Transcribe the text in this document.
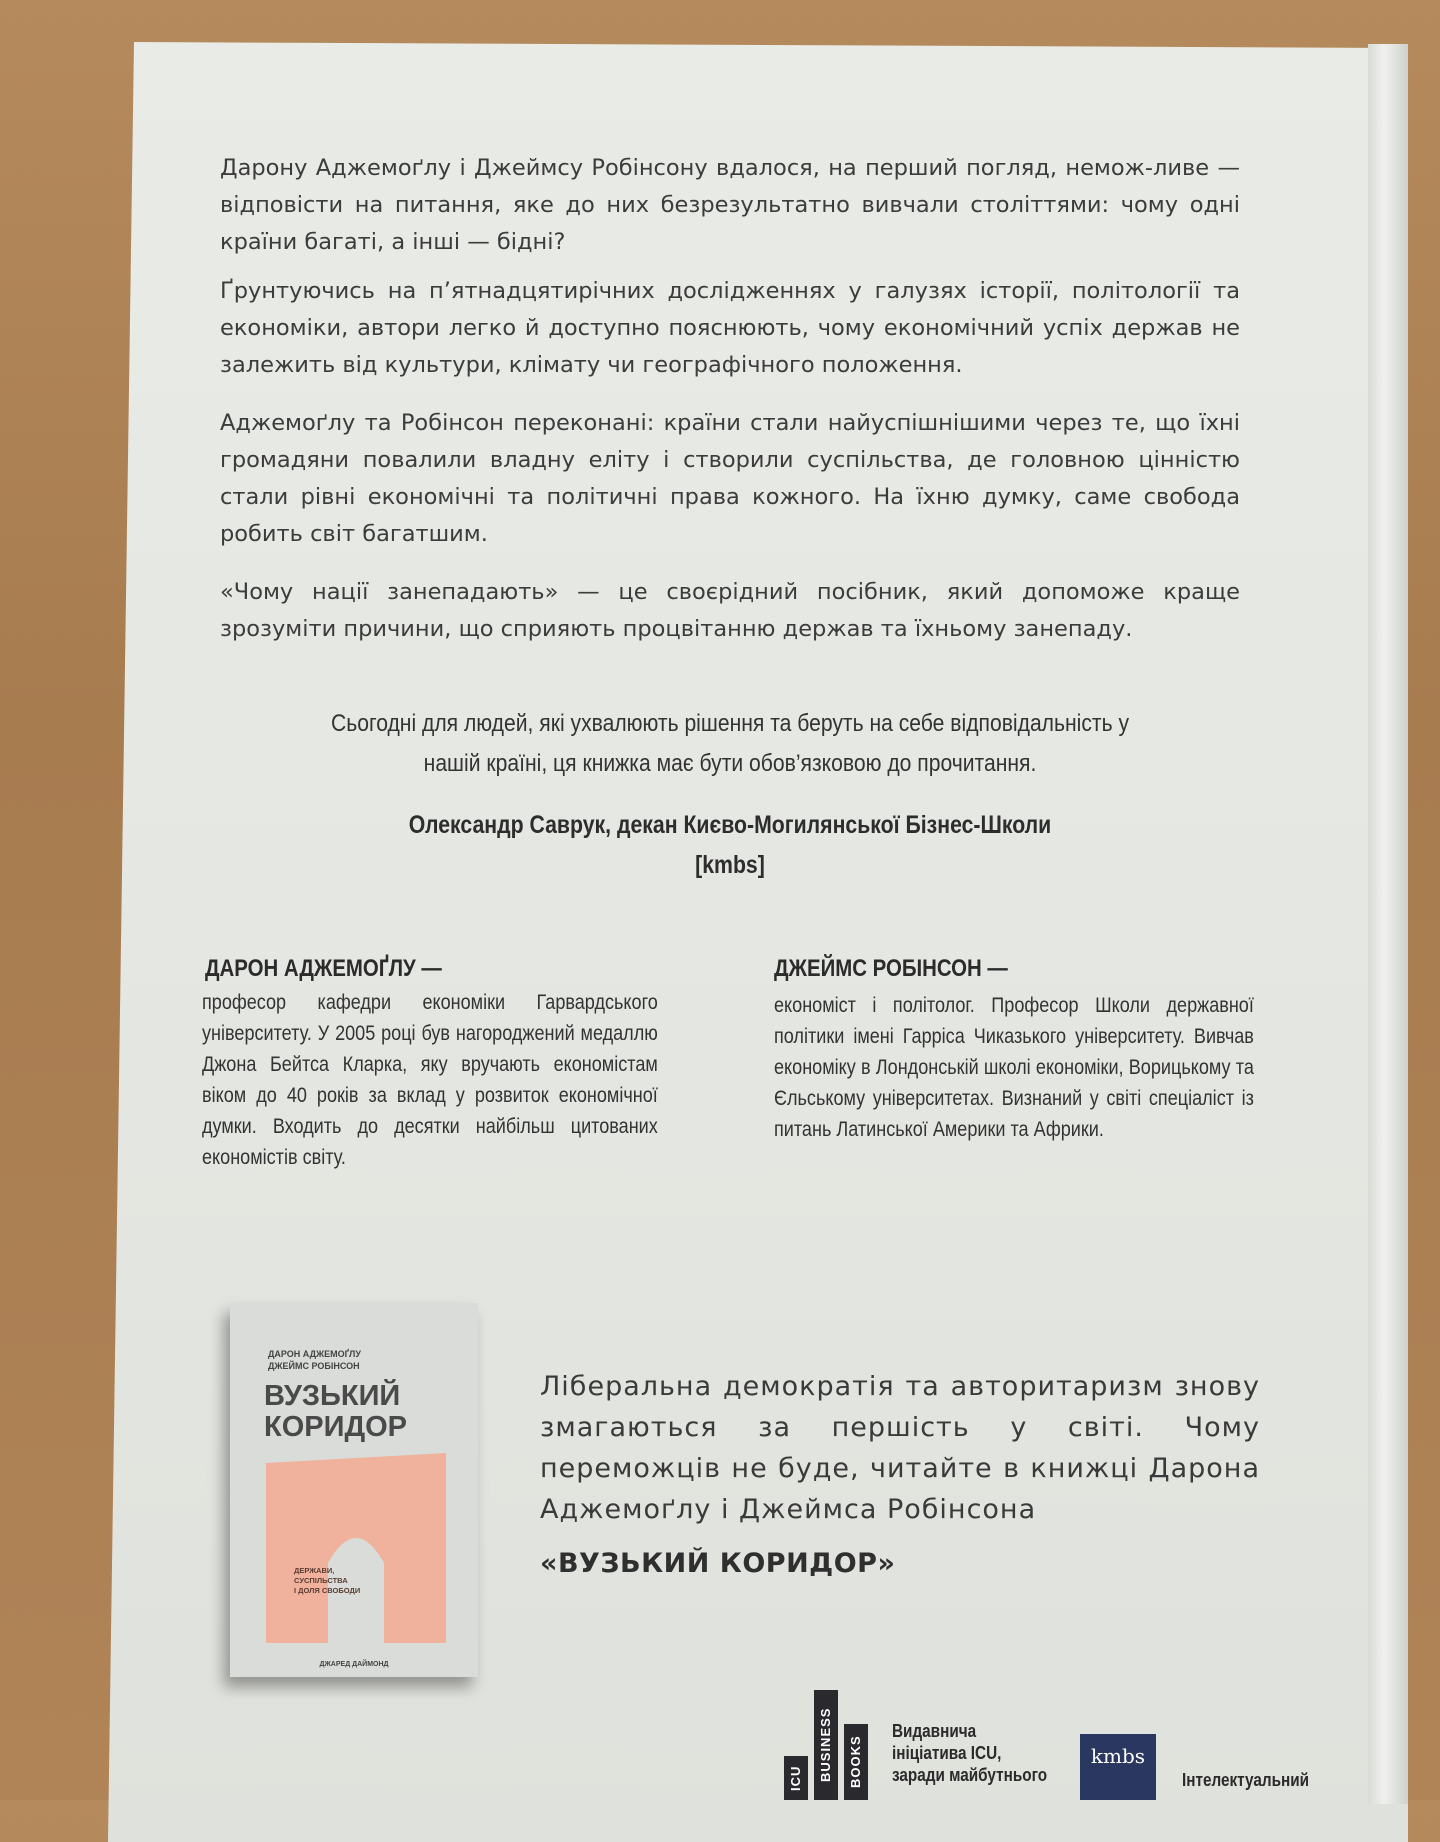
Дарону Аджемоґлу і Джеймсу Робінсону вдалося, на перший погляд, немож-ливе — відповісти на питання, яке до них безрезультатно вивчали століттями: чому одні країни багаті, а інші — бідні?

Ґрунтуючись на п’ятнадцятирічних дослідженнях у галузях історії, політології та економіки, автори легко й доступно пояснюють, чому економічний успіх держав не залежить від культури, клімату чи географічного положення.

Аджемоґлу та Робінсон переконані: країни стали найуспішнішими через те, що їхні громадяни повалили владну еліту і створили суспільства, де головною цінністю стали рівні економічні та політичні права кожного. На їхню думку, саме свобода робить світ багатшим.

«Чому нації занепадають» — це своєрідний посібник, який допоможе краще зрозуміти причини, що сприяють процвітанню держав та їхньому занепаду.

Сьогодні для людей, які ухвалюють рішення та беруть на себе відповідальність у нашій країні, ця книжка має бути обов’язковою до прочитання.

Олександр Саврук, декан Києво-Могилянської Бізнес-Школи [kmbs]

ДАРОН АДЖЕМОҐЛУ —

професор кафедри економіки Гарвардського університету. У 2005 році був нагороджений медаллю Джона Бейтса Кларка, яку вручають економістам віком до 40 років за вклад у розвиток економічної думки. Входить до десятки найбільш цитованих економістів світу.

ДЖЕЙМС РОБІНСОН —

економіст і політолог. Професор Школи державної політики імені Гарріса Чиказького університету. Вивчав економіку в Лондонській школі економіки, Ворицькому та Єльському університетах. Визнаний у світі спеціаліст із питань Латинської Америки та Африки.

ДАРОН АДЖЕМОҐЛУ
ДЖЕЙМС РОБІНСОН
ВУЗЬКИЙ
КОРИДОР
ДЕРЖАВИ,
СУСПІЛЬСТВА
І ДОЛЯ СВОБОДИ
ДЖАРЕД ДАЙМОНД

Ліберальна демократія та авторитаризм знову змагаються за першість у світі. Чому переможців не буде, читайте в книжці Дарона Аджемоґлу і Джеймса Робінсона

«ВУЗЬКИЙ КОРИДОР»
ICU	BUSINESS	BOOKS
Видавнича
ініціатива ICU,
заради майбутнього
kmbs
Інтелектуальний
